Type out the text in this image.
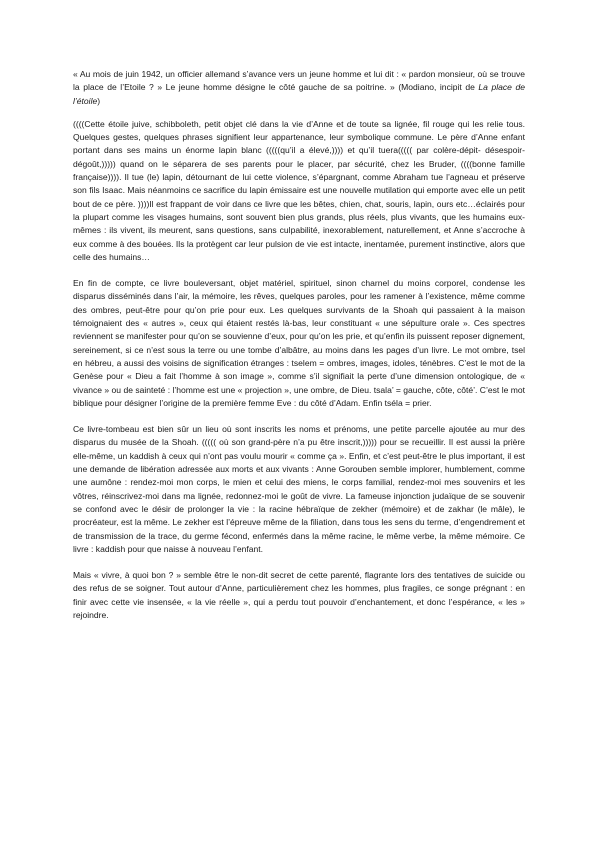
« Au mois de juin 1942, un officier allemand s’avance vers un jeune homme et lui dit : « pardon monsieur, où se trouve la place de l’Etoile ? » Le jeune homme désigne le côté gauche de sa poitrine. » (Modiano, incipit de La place de l’étoile)

((((Cette étoile juive, schibboleth, petit objet clé dans la vie d’Anne et de toute sa lignée, fil rouge qui les relie tous. Quelques gestes, quelques phrases signifient leur appartenance, leur symbolique commune. Le père d’Anne enfant portant dans ses mains un énorme lapin blanc (((((qu’il a élevé,)))) et qu’il tuera((((( par colère-dépit- désespoir- dégoût,))))) quand on le séparera de ses parents pour le placer, par sécurité, chez les Bruder, ((((bonne famille française)))). Il tue (le) lapin, détournant de lui cette violence, s’épargnant, comme Abraham tue l’agneau et préserve son fils Isaac. Mais néanmoins ce sacrifice du lapin émissaire est une nouvelle mutilation qui emporte avec elle un petit bout de ce père. ))))Il est frappant de voir dans ce livre que les bêtes, chien, chat, souris, lapin, ours etc…éclairés pour la plupart comme les visages humains, sont souvent bien plus grands, plus réels, plus vivants, que les humains eux-mêmes : ils vivent, ils meurent, sans questions, sans culpabilité, inexorablement, naturellement, et Anne s’accroche à eux comme à des bouées. Ils la protègent car leur pulsion de vie est intacte, inentamée, purement instinctive, alors que celle des humains…

En fin de compte, ce livre bouleversant, objet matériel, spirituel, sinon charnel du moins corporel, condense les disparus disséminés dans l’air, la mémoire, les rêves, quelques paroles, pour les ramener à l’existence, même comme des ombres, peut-être pour qu’on prie pour eux. Les quelques survivants de la Shoah qui passaient à la maison témoignaient des « autres », ceux qui étaient restés là-bas, leur constituant « une sépulture orale ». Ces spectres reviennent se manifester pour qu’on se souvienne d’eux, pour qu’on les prie, et qu’enfin ils puissent reposer dignement, sereinement, si ce n’est sous la terre ou une tombe d’albâtre, au moins dans les pages d’un livre. Le mot ombre, tsel en hébreu, a aussi des voisins de signification étranges : tselem = ombres, images, idoles, ténèbres. C’est le mot de la Genèse pour « Dieu a fait l’homme à son image », comme s’il signifiait la perte d’une dimension ontologique, de « vivance » ou de sainteté : l’homme est une « projection », une ombre, de Dieu. tsala’ = gauche, côte, côté’. C’est le mot biblique pour désigner l’origine de la première femme Eve : du côté d’Adam. Enfin tséla = prier.

Ce livre-tombeau est bien sûr un lieu où sont inscrits les noms et prénoms, une petite parcelle ajoutée au mur des disparus du musée de la Shoah. ((((( où son grand-père n’a pu être inscrit,))))) pour se recueillir. Il est aussi la prière elle-même, un kaddish à ceux qui n’ont pas voulu mourir « comme ça ». Enfin, et c’est peut-être le plus important, il est une demande de libération adressée aux morts et aux vivants : Anne Gorouben semble implorer, humblement, comme une aumône : rendez-moi mon corps, le mien et celui des miens, le corps familial, rendez-moi mes souvenirs et les vôtres, réinscrivez-moi dans ma lignée, redonnez-moi le goût de vivre. La fameuse injonction judaïque de se souvenir se confond avec le désir de prolonger la vie : la racine hébraïque de zekher (mémoire) et de zakhar (le mâle), le procréateur, est la même. Le zekher est l’épreuve même de la filiation, dans tous les sens du terme, d’engendrement et de transmission de la trace, du germe fécond, enfermés dans la même racine, le même verbe, la même mémoire. Ce livre : kaddish pour que naisse à nouveau l’enfant.

Mais « vivre, à quoi bon ? » semble être le non-dit secret de cette parenté, flagrante lors des tentatives de suicide ou des refus de se soigner. Tout autour d’Anne, particulièrement chez les hommes, plus fragiles, ce songe prégnant : en finir avec cette vie insensée, « la vie réelle », qui a perdu tout pouvoir d’enchantement, et donc l’espérance, « les » rejoindre.
